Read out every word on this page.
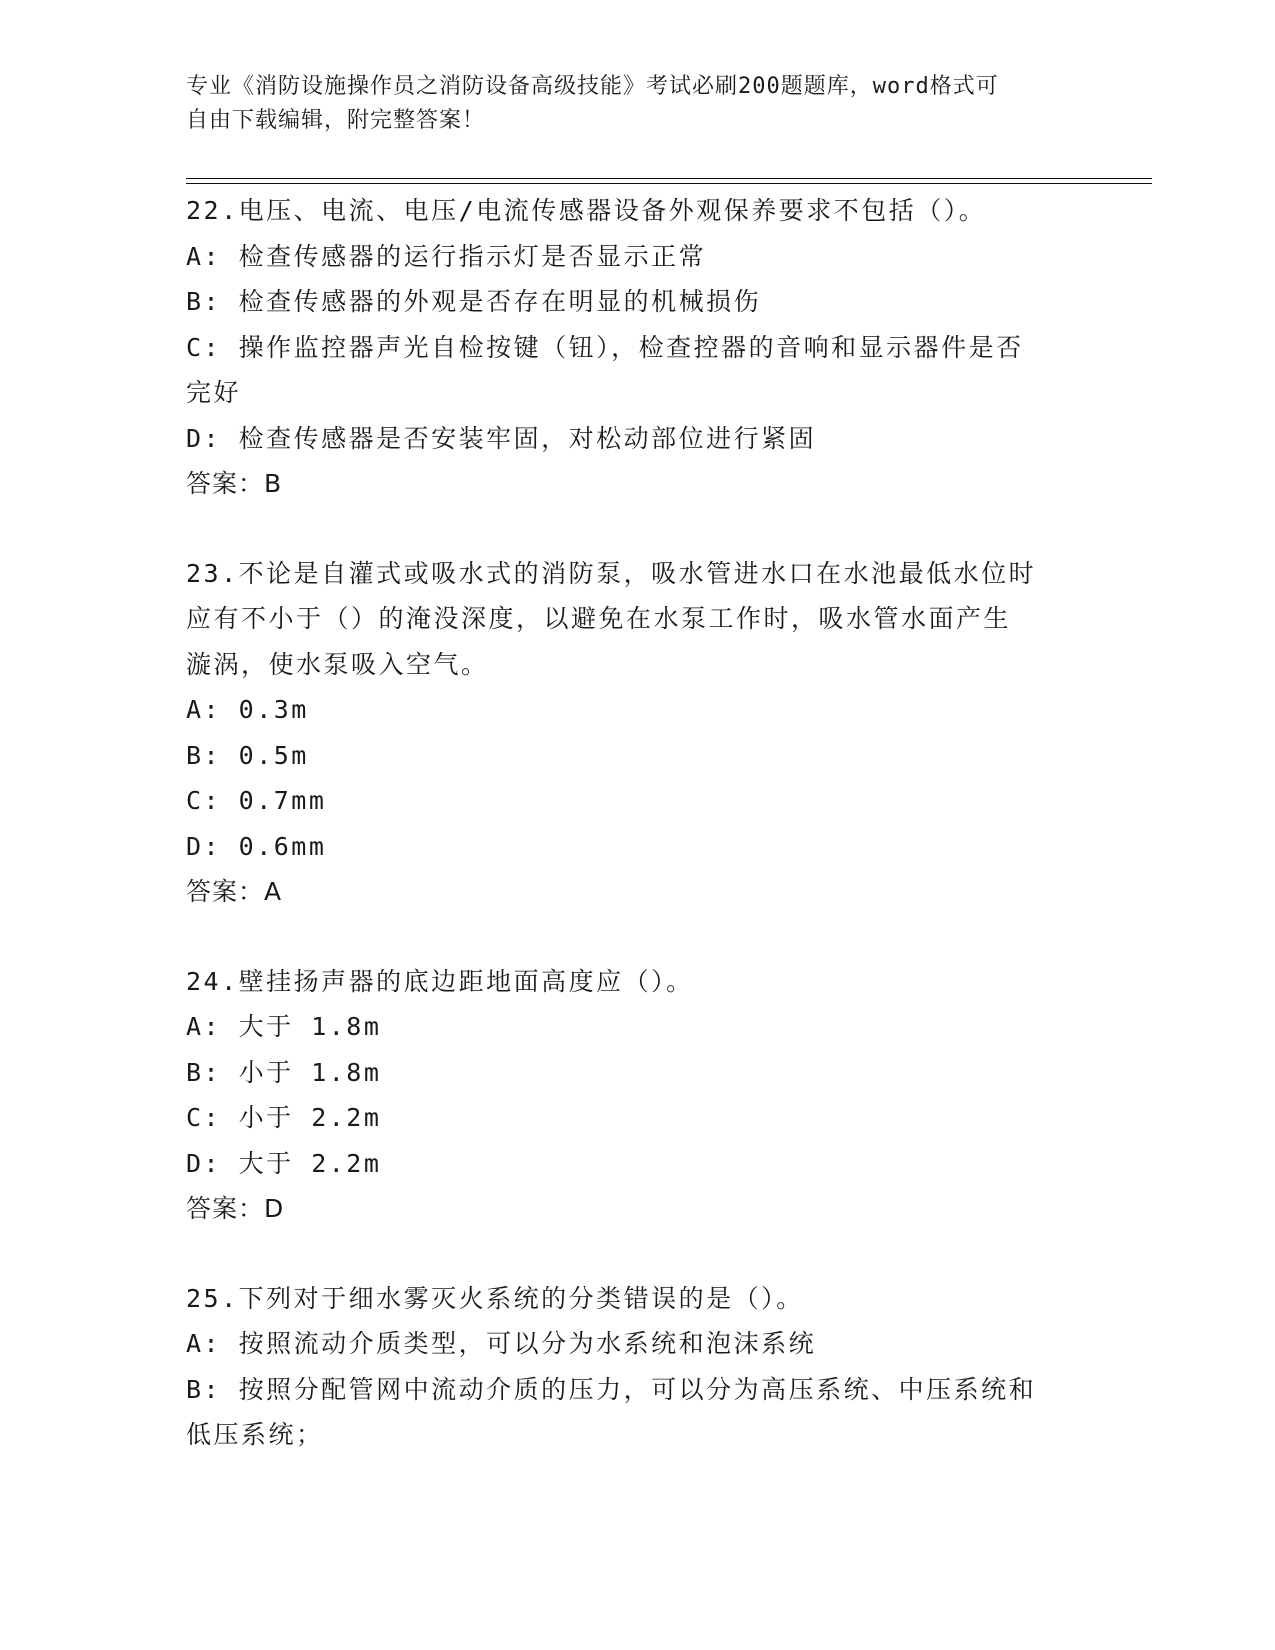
专业《消防设施操作员之消防设备高级技能》考试必刷200题题库，word格式可
自由下载编辑，附完整答案！
22.电压、电流、电压/电流传感器设备外观保养要求不包括（）。
A: 检查传感器的运行指示灯是否显示正常
B: 检查传感器的外观是否存在明显的机械损伤
C: 操作监控器声光自检按键（钮），检查控器的音响和显示器件是否
完好
D: 检查传感器是否安装牢固，对松动部位进行紧固
答案：B
23.不论是自灌式或吸水式的消防泵，吸水管进水口在水池最低水位时
应有不小于（）的淹没深度，以避免在水泵工作时，吸水管水面产生
漩涡，使水泵吸入空气。
A: 0.3m
B: 0.5m
C: 0.7mm
D: 0.6mm
答案：A
24.壁挂扬声器的底边距地面高度应（）。
A: 大于 1.8m
B: 小于 1.8m
C: 小于 2.2m
D: 大于 2.2m
答案：D
25.下列对于细水雾灭火系统的分类错误的是（）。
A: 按照流动介质类型，可以分为水系统和泡沫系统
B: 按照分配管网中流动介质的压力，可以分为高压系统、中压系统和
低压系统；
